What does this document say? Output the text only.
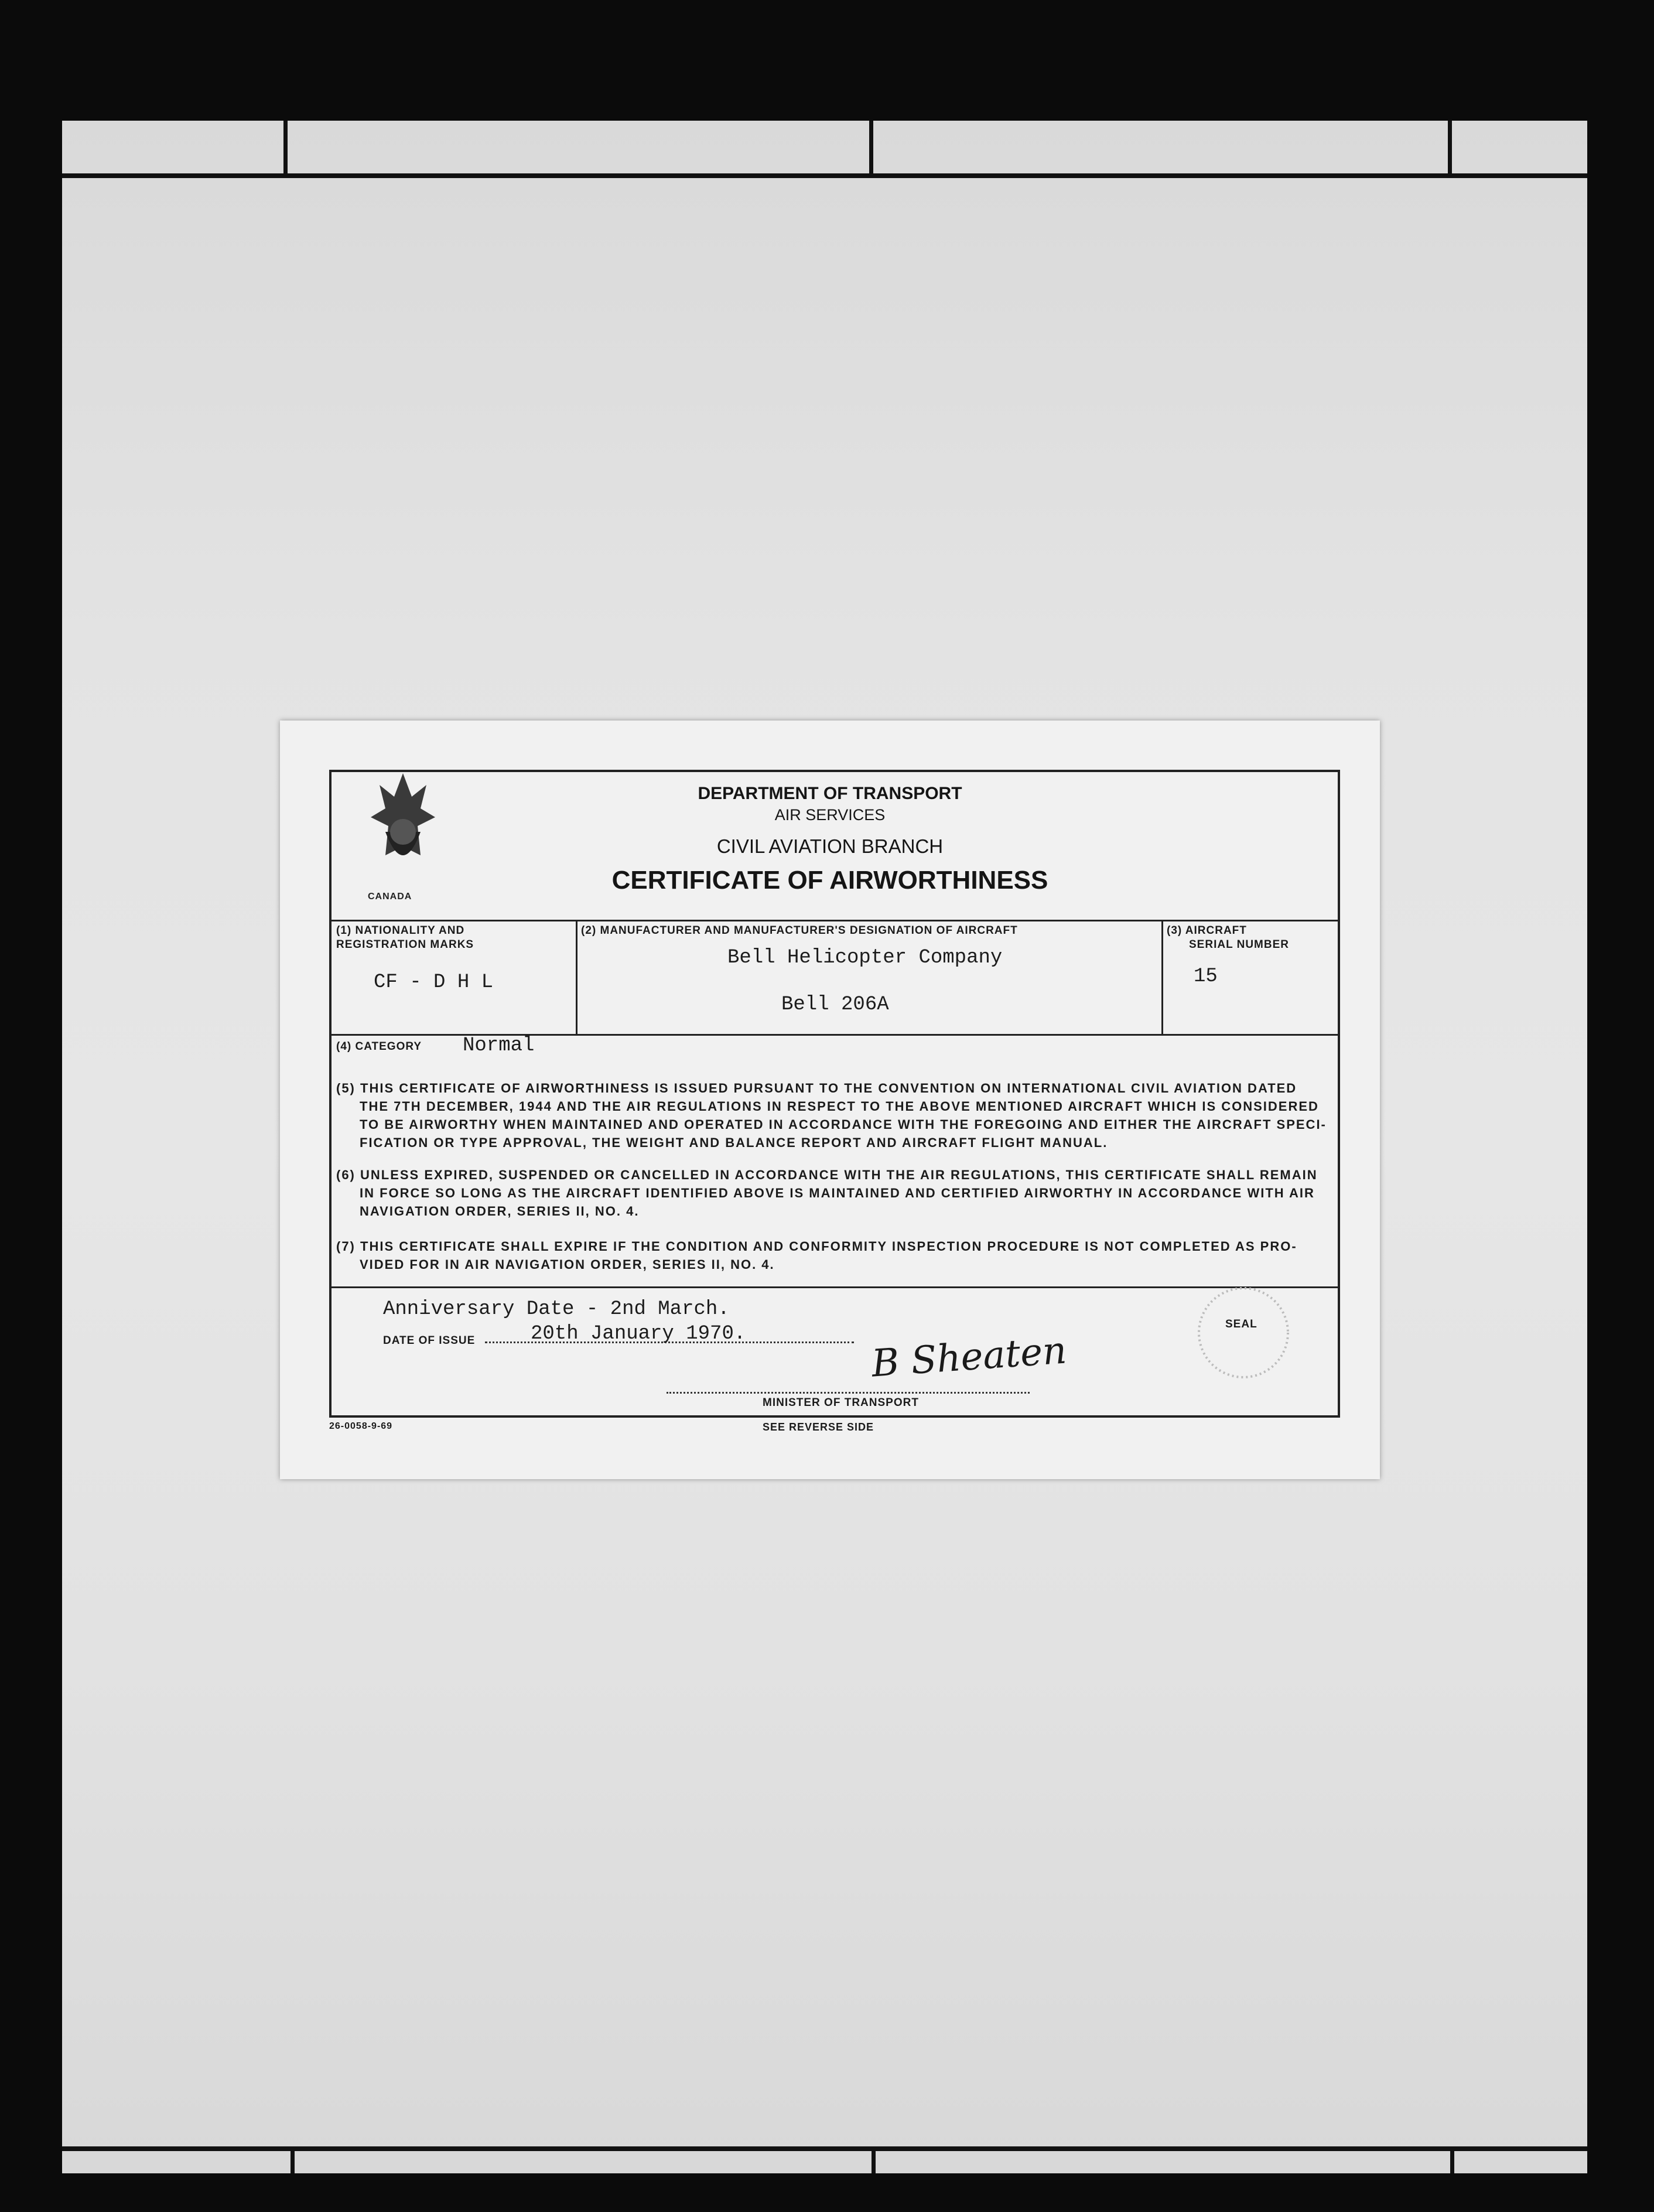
CANADA
DEPARTMENT OF TRANSPORT
AIR SERVICES
CIVIL AVIATION BRANCH
CERTIFICATE OF AIRWORTHINESS
(1) NATIONALITY AND
REGISTRATION MARKS
CF - D H L
(2) MANUFACTURER AND MANUFACTURER'S DESIGNATION OF AIRCRAFT
Bell Helicopter Company
Bell 206A
(3) AIRCRAFT
SERIAL NUMBER
15
(4) CATEGORY Normal
(5) THIS CERTIFICATE OF AIRWORTHINESS IS ISSUED PURSUANT TO THE CONVENTION ON INTERNATIONAL CIVIL AVIATION DATED
THE 7TH DECEMBER, 1944 AND THE AIR REGULATIONS IN RESPECT TO THE ABOVE MENTIONED AIRCRAFT WHICH IS CONSIDERED
TO BE AIRWORTHY WHEN MAINTAINED AND OPERATED IN ACCORDANCE WITH THE FOREGOING AND EITHER THE AIRCRAFT SPECI-
FICATION OR TYPE APPROVAL, THE WEIGHT AND BALANCE REPORT AND AIRCRAFT FLIGHT MANUAL.
(6) UNLESS EXPIRED, SUSPENDED OR CANCELLED IN ACCORDANCE WITH THE AIR REGULATIONS, THIS CERTIFICATE SHALL REMAIN
IN FORCE SO LONG AS THE AIRCRAFT IDENTIFIED ABOVE IS MAINTAINED AND CERTIFIED AIRWORTHY IN ACCORDANCE WITH AIR
NAVIGATION ORDER, SERIES II, NO. 4.
(7) THIS CERTIFICATE SHALL EXPIRE IF THE CONDITION AND CONFORMITY INSPECTION PROCEDURE IS NOT COMPLETED AS PRO-
VIDED FOR IN AIR NAVIGATION ORDER, SERIES II, NO. 4.
Anniversary Date - 2nd March.
DATE OF ISSUE	20th January 1970.	SEAL
B Sheaten
MINISTER OF TRANSPORT
26-0058-9-69	SEE REVERSE SIDE
